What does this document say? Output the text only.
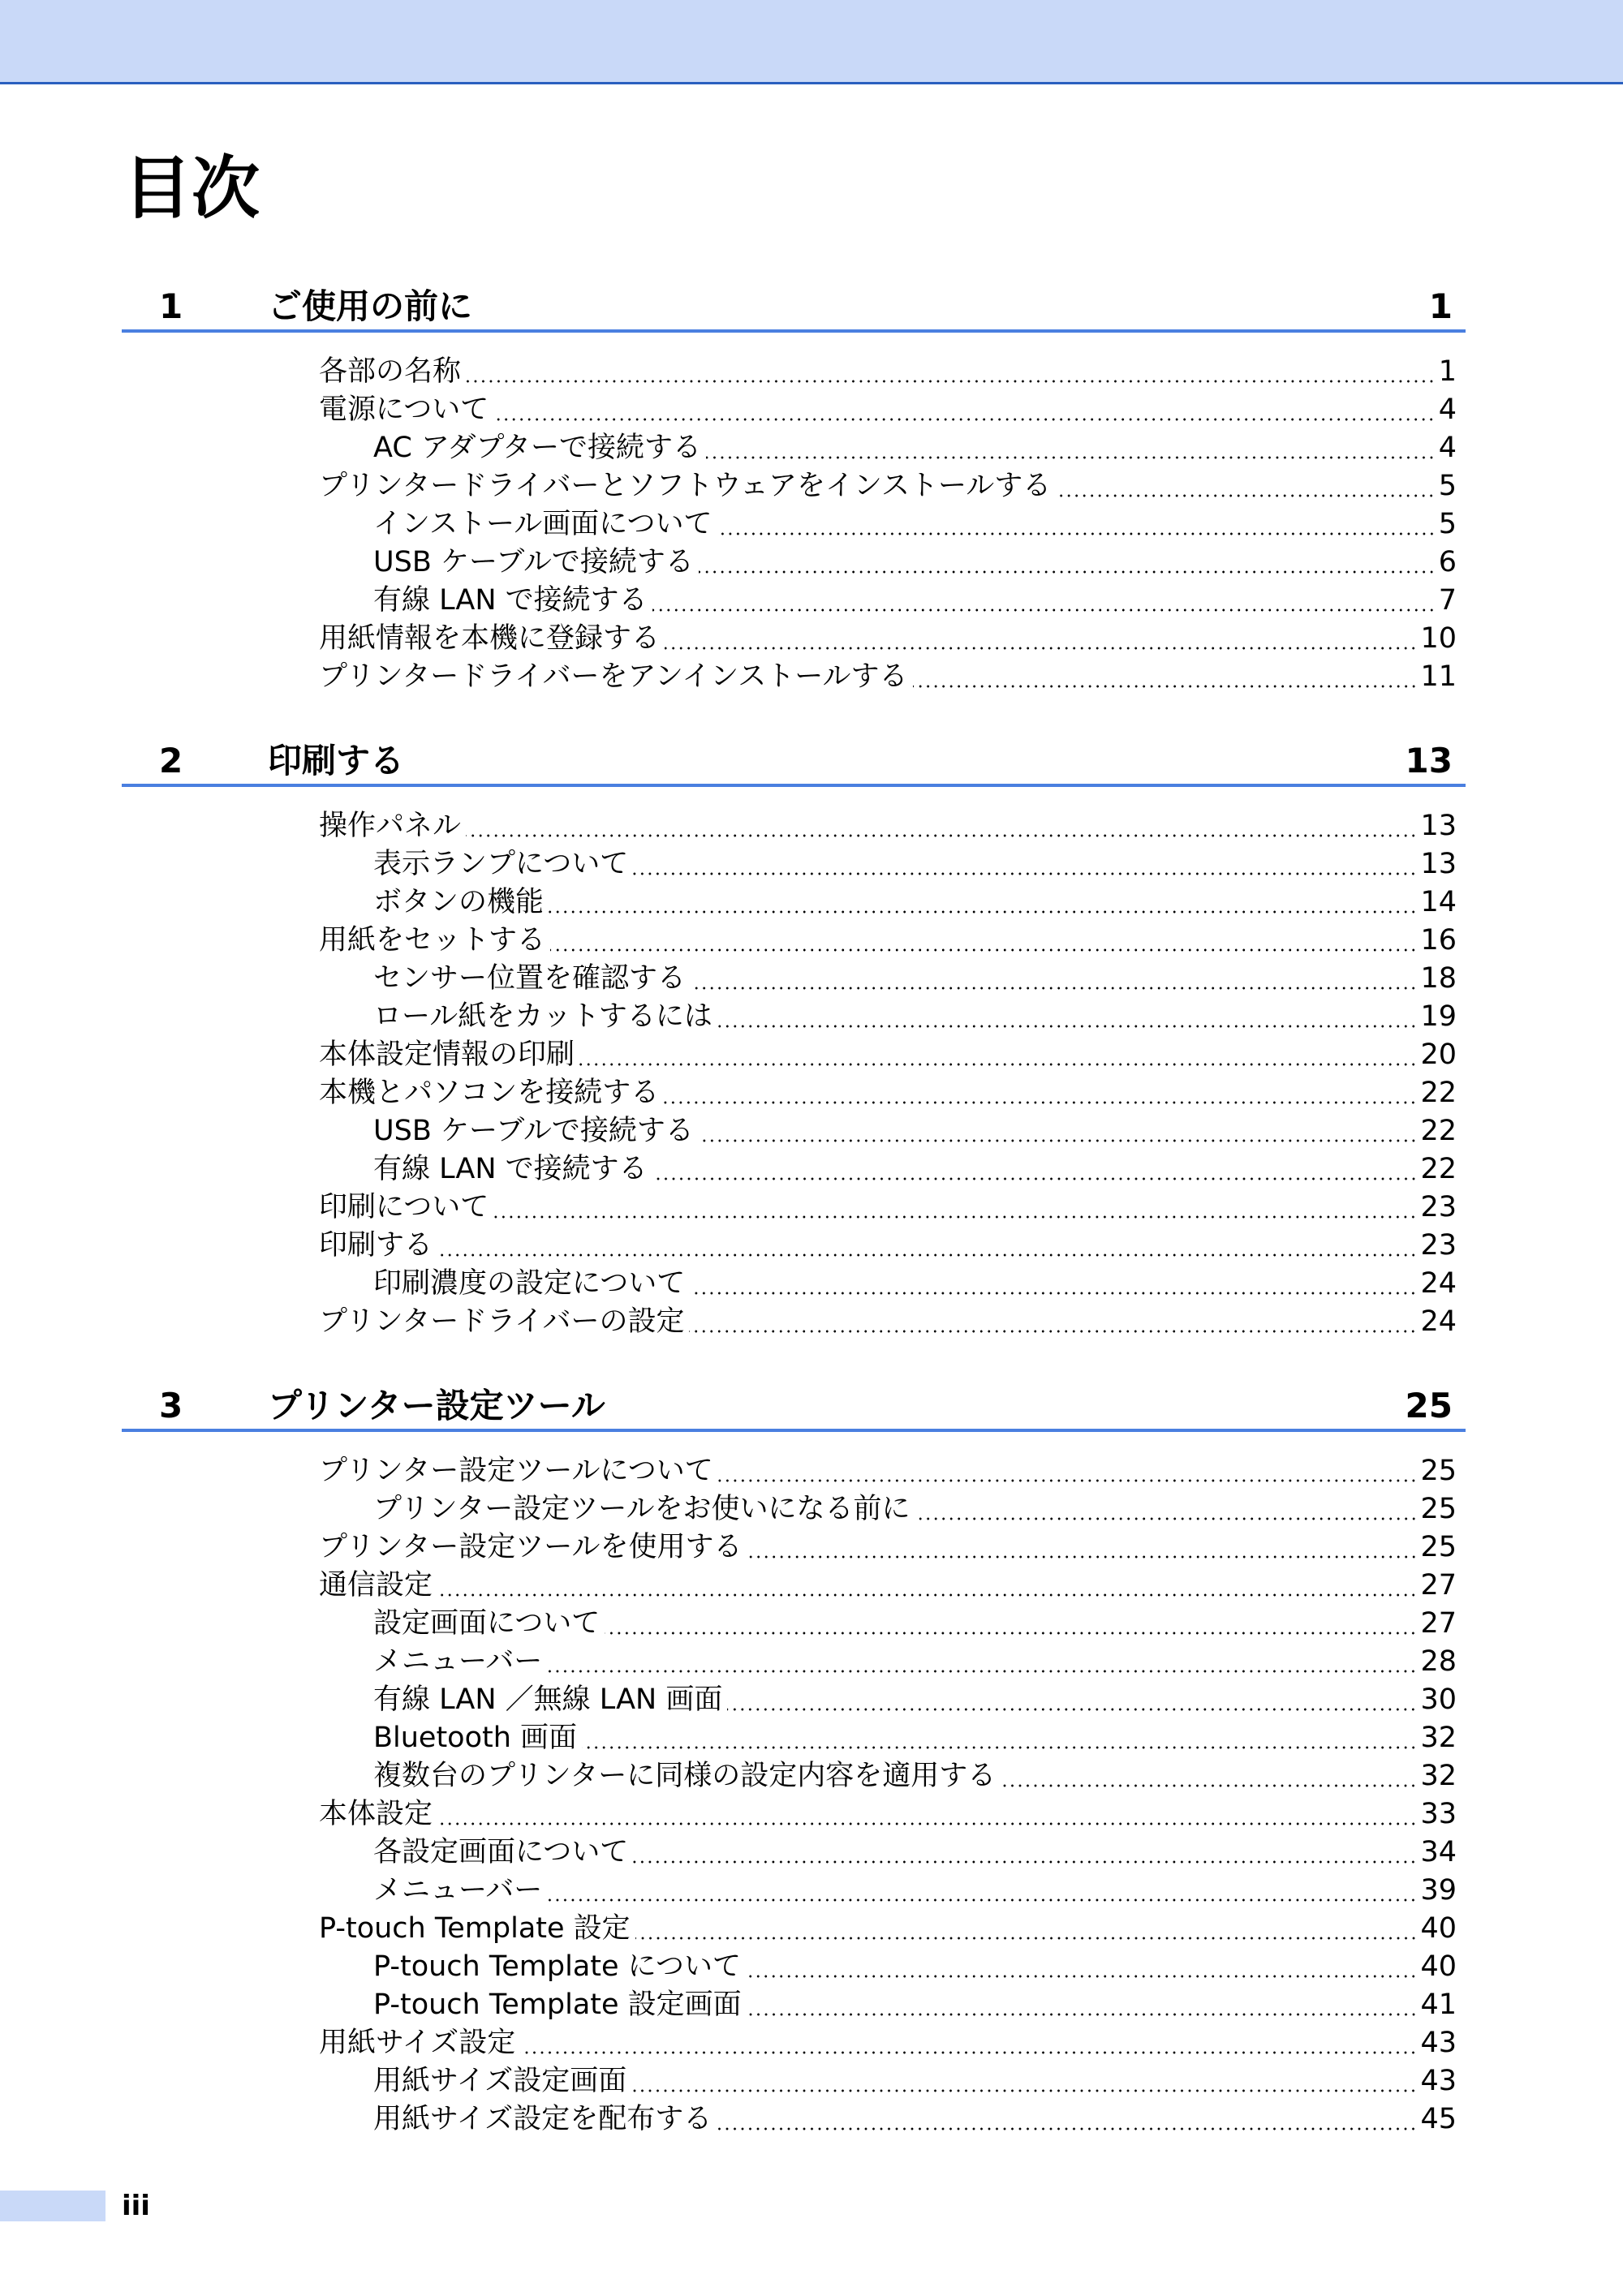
目次
1 ご使用の前に	1
各部の名称	1
電源について	4
AC アダプターで接続する	4
プリンタードライバーとソフトウェアをインストールする	5
インストール画面について	5
USB ケーブルで接続する	6
有線 LAN で接続する	7
用紙情報を本機に登録する	10
プリンタードライバーをアンインストールする	11
2 印刷する	13
操作パネル	13
表示ランプについて	13
ボタンの機能	14
用紙をセットする	16
センサー位置を確認する	18
ロール紙をカットするには	19
本体設定情報の印刷	20
本機とパソコンを接続する	22
USB ケーブルで接続する	22
有線 LAN で接続する	22
印刷について	23
印刷する	23
印刷濃度の設定について	24
プリンタードライバーの設定	24
3 プリンター設定ツール	25
プリンター設定ツールについて	25
プリンター設定ツールをお使いになる前に	25
プリンター設定ツールを使用する	25
通信設定	27
設定画面について	27
メニューバー	28
有線 LAN ／無線 LAN 画面	30
Bluetooth 画面	32
複数台のプリンターに同様の設定内容を適用する	32
本体設定	33
各設定画面について	34
メニューバー	39
P-touch Template 設定	40
P-touch Template について	40
P-touch Template 設定画面	41
用紙サイズ設定	43
用紙サイズ設定画面	43
用紙サイズ設定を配布する	45
iii
